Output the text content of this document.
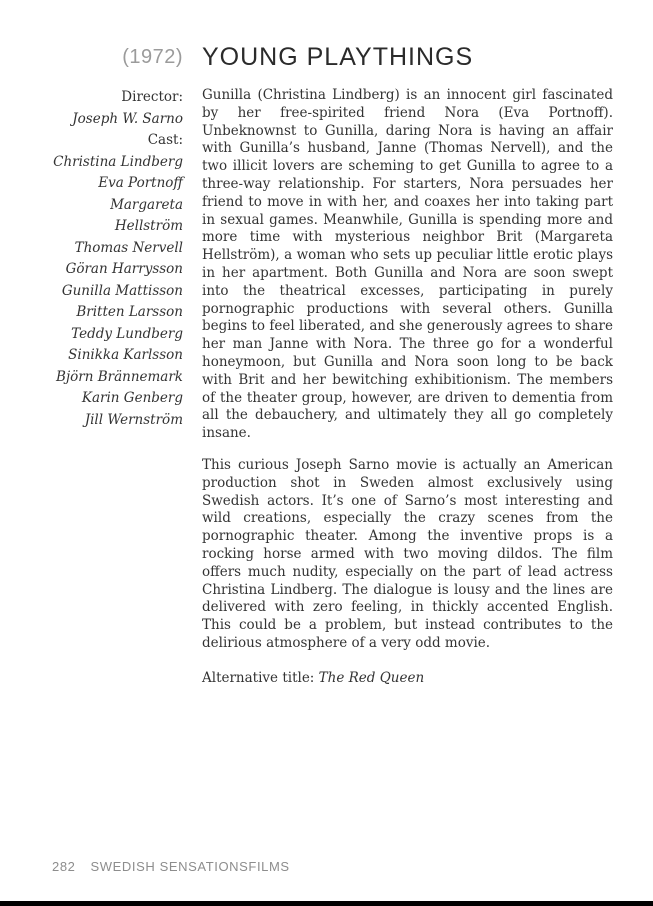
(1972)
Director:
Joseph W. Sarno
Cast:
Christina Lindberg
Eva Portnoff
Margareta Hellström
Thomas Nervell
Göran Harrysson
Gunilla Mattisson
Britten Larsson
Teddy Lundberg
Sinikka Karlsson
Björn Brännemark
Karin Genberg
Jill Wernström
YOUNG PLAYTHINGS

Gunilla (Christina Lindberg) is an innocent girl fascinated by her free-spirited friend Nora (Eva Portnoff). Unbeknownst to Gunilla, daring Nora is having an affair with Gunilla’s husband, Janne (Thomas Nervell), and the two illicit lovers are scheming to get Gunilla to agree to a three-way relationship. For starters, Nora persuades her friend to move in with her, and coaxes her into taking part in sexual games. Meanwhile, Gunilla is spending more and more time with mysterious neighbor Brit (Margareta Hellström), a woman who sets up peculiar little erotic plays in her apartment. Both Gunilla and Nora are soon swept into the theatrical excesses, participating in purely pornographic productions with several others. Gunilla begins to feel liberated, and she generously agrees to share her man Janne with Nora. The three go for a wonderful honeymoon, but Gunilla and Nora soon long to be back with Brit and her bewitching exhibitionism. The members of the theater group, however, are driven to dementia from all the debauchery, and ultimately they all go completely insane.

This curious Joseph Sarno movie is actually an American production shot in Sweden almost exclusively using Swedish actors. It’s one of Sarno’s most interesting and wild creations, especially the crazy scenes from the pornographic theater. Among the inventive props is a rocking horse armed with two moving dildos. The film offers much nudity, especially on the part of lead actress Christina Lindberg. The dialogue is lousy and the lines are delivered with zero feeling, in thickly accented English. This could be a problem, but instead contributes to the delirious atmosphere of a very odd movie.

Alternative title: The Red Queen
282 SWEDISH SENSATIONSFILMS
